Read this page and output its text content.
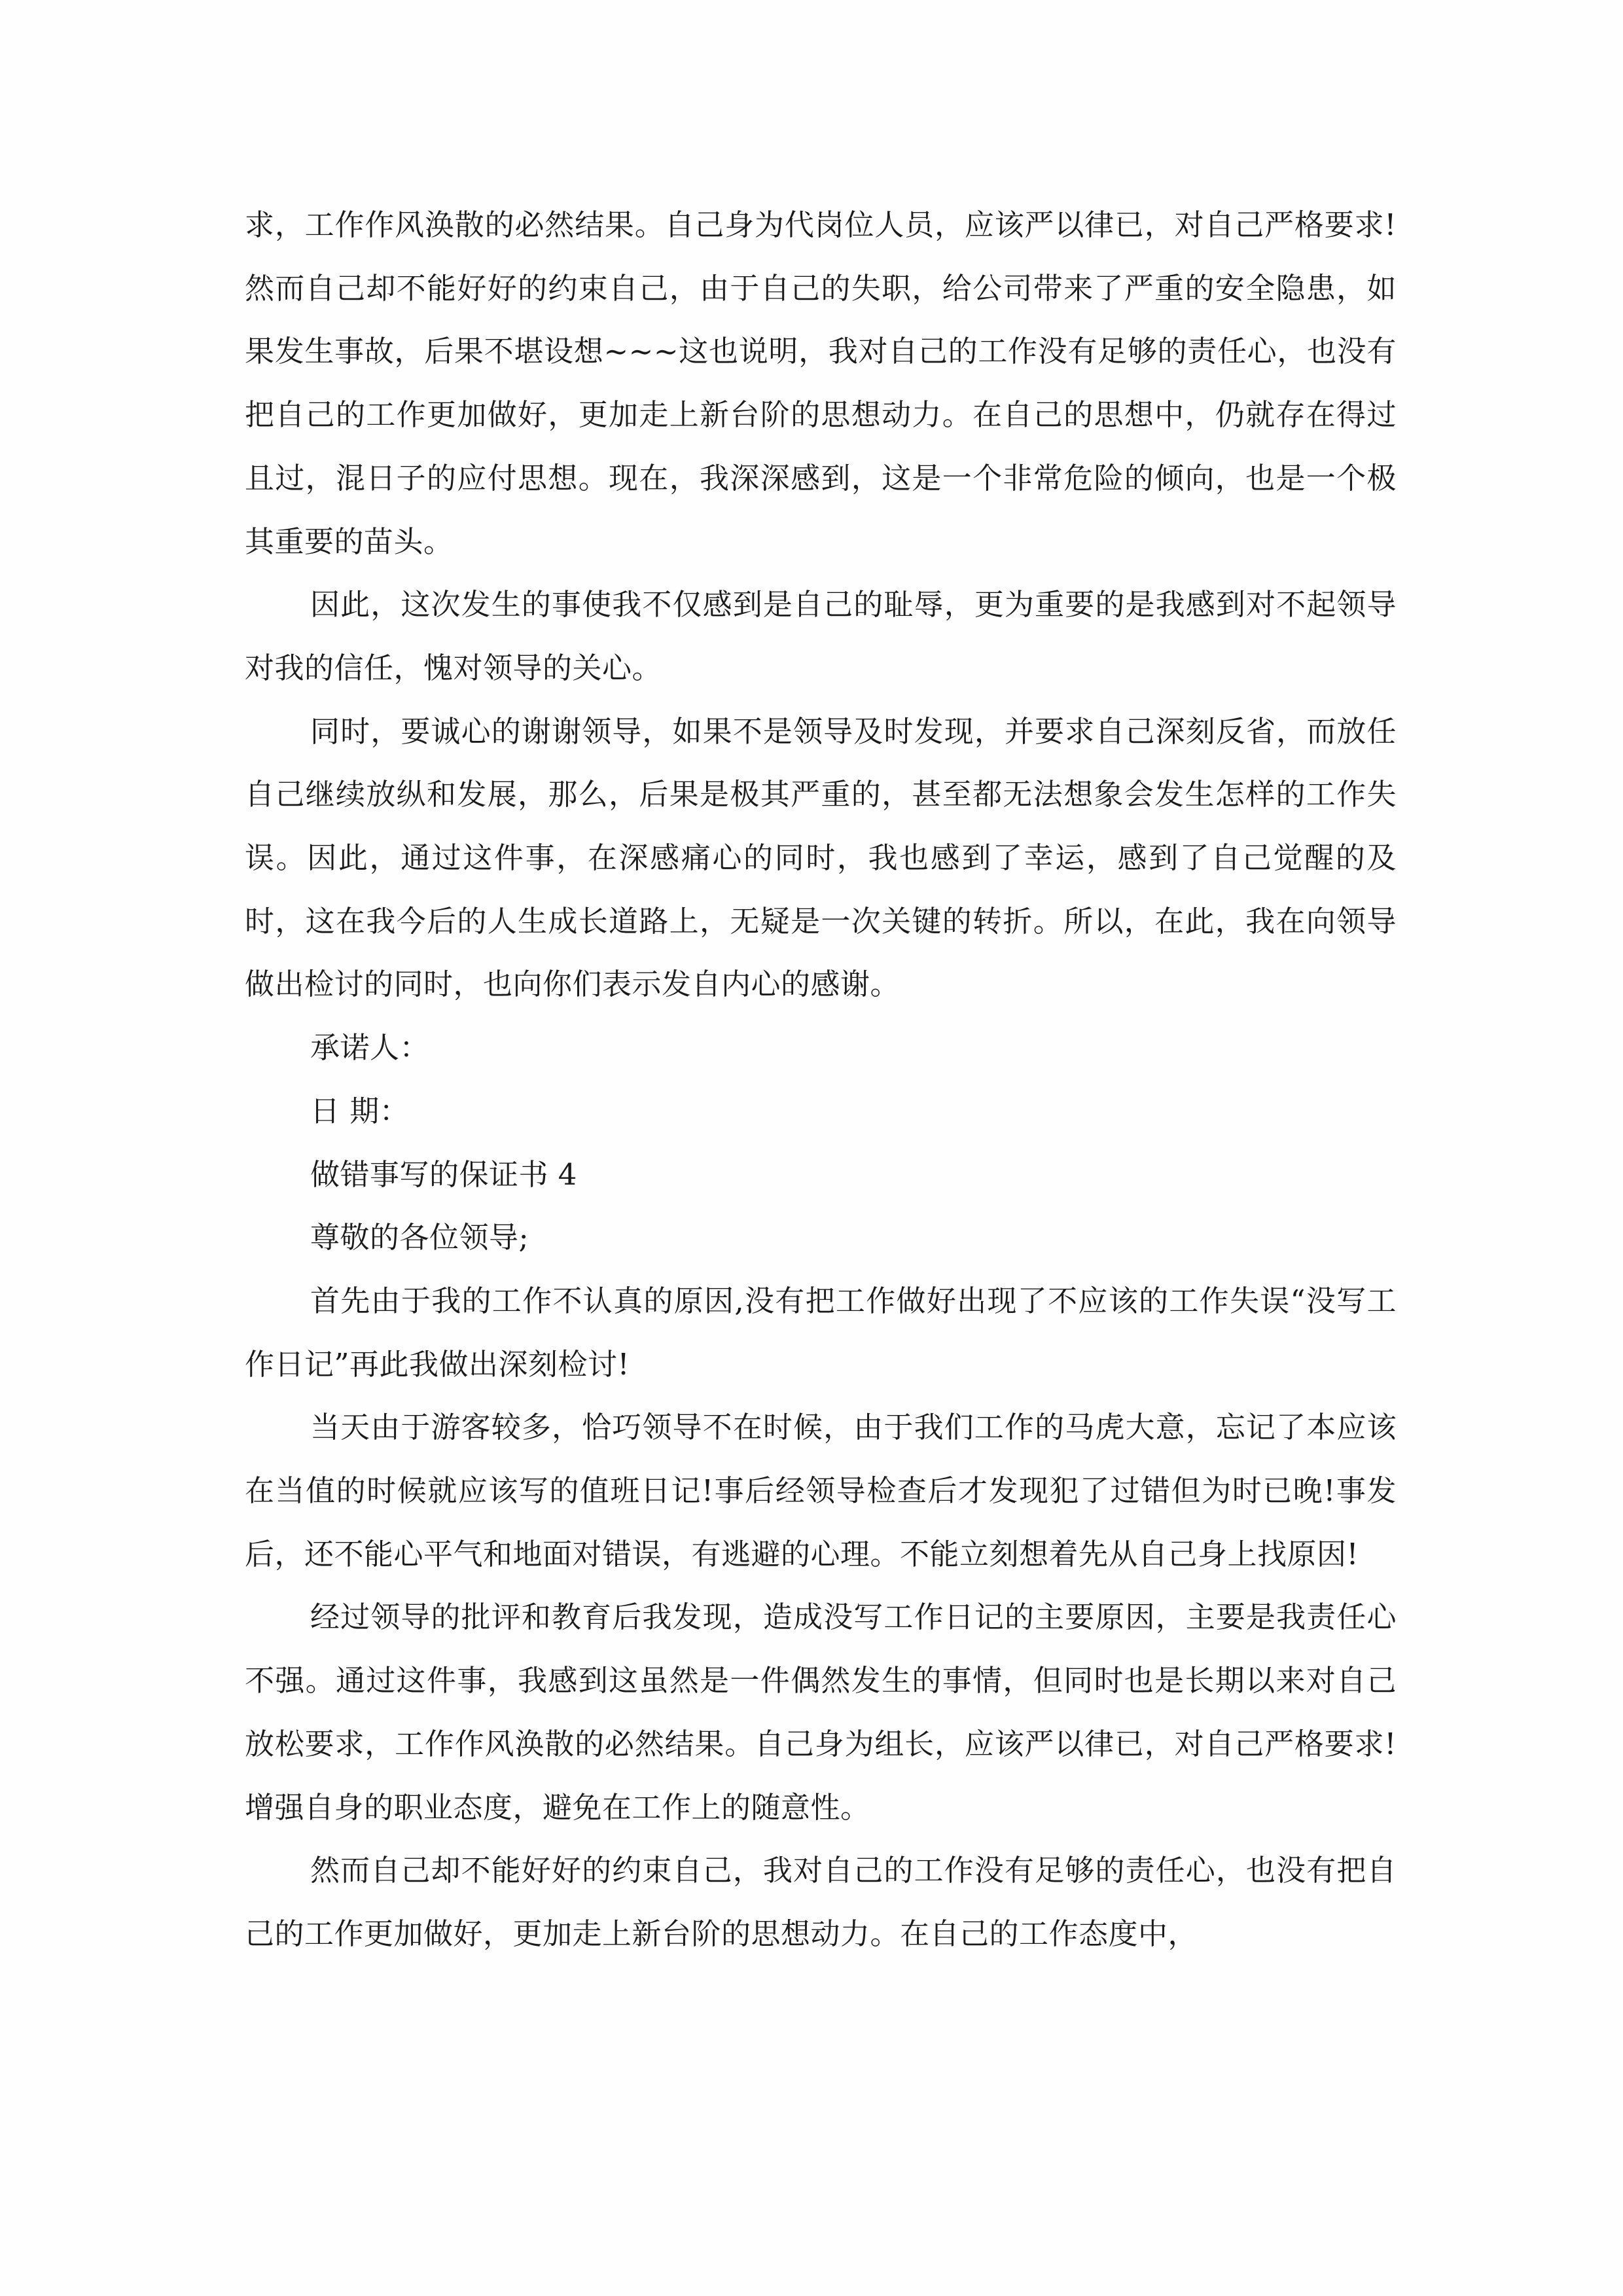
求，工作作风涣散的必然结果。自己身为代岗位人员，应该严以律已，对自己严格要求!然而自己却不能好好的约束自己，由于自己的失职，给公司带来了严重的安全隐患，如果发生事故，后果不堪设想~~~这也说明，我对自己的工作没有足够的责任心，也没有把自己的工作更加做好，更加走上新台阶的思想动力。在自己的思想中，仍就存在得过且过，混日子的应付思想。现在，我深深感到，这是一个非常危险的倾向，也是一个极其重要的苗头。

因此，这次发生的事使我不仅感到是自己的耻辱，更为重要的是我感到对不起领导对我的信任，愧对领导的关心。

同时，要诚心的谢谢领导，如果不是领导及时发现，并要求自己深刻反省，而放任自己继续放纵和发展，那么，后果是极其严重的，甚至都无法想象会发生怎样的工作失误。因此，通过这件事，在深感痛心的同时，我也感到了幸运，感到了自己觉醒的及时，这在我今后的人生成长道路上，无疑是一次关键的转折。所以，在此，我在向领导做出检讨的同时，也向你们表示发自内心的感谢。

承诺人：

日 期：

做错事写的保证书 4

尊敬的各位领导;

首先由于我的工作不认真的原因,没有把工作做好出现了不应该的工作失误“没写工作日记”再此我做出深刻检讨!

当天由于游客较多，恰巧领导不在时候，由于我们工作的马虎大意，忘记了本应该在当值的时候就应该写的值班日记!事后经领导检查后才发现犯了过错但为时已晚!事发后，还不能心平气和地面对错误，有逃避的心理。不能立刻想着先从自己身上找原因!

经过领导的批评和教育后我发现，造成没写工作日记的主要原因，主要是我责任心不强。通过这件事，我感到这虽然是一件偶然发生的事情，但同时也是长期以来对自己放松要求，工作作风涣散的必然结果。自己身为组长，应该严以律已，对自己严格要求!增强自身的职业态度，避免在工作上的随意性。

然而自己却不能好好的约束自己，我对自己的工作没有足够的责任心，也没有把自己的工作更加做好，更加走上新台阶的思想动力。在自己的工作态度中，
